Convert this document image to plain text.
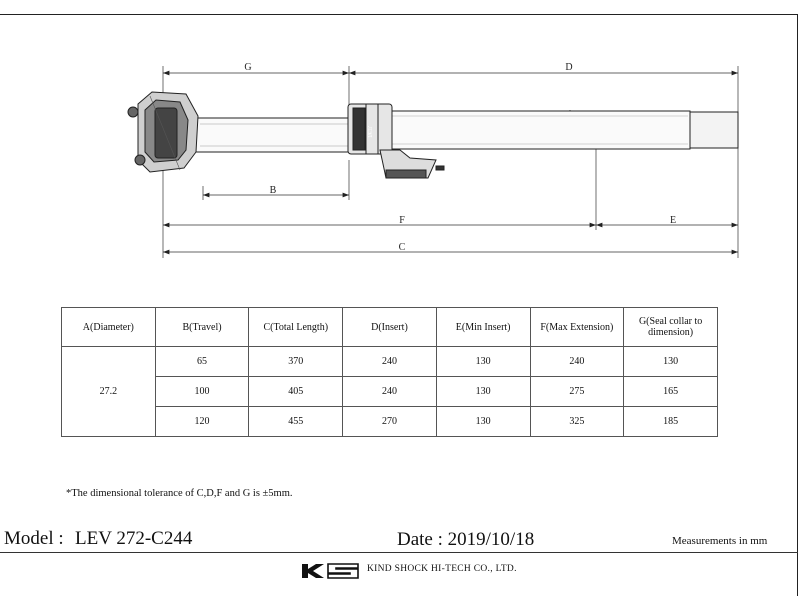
G	D
B
F	E
C
ЛЭЛ
A(Diameter)	B(Travel)	C(Total Length)	D(Insert)	E(Min Insert)	F(Max Extension)	G(Seal collar to dimension)
27.2	65	370	240	130	240	130
	100	405	240	130	275	165
	120	455	270	130	325	185
*The dimensional tolerance of C,D,F and G is ±5mm.
Model : LEV 272-C244	Date : 2019/10/18	Measurements in mm
KS
KIND SHOCK HI-TECH CO., LTD.
